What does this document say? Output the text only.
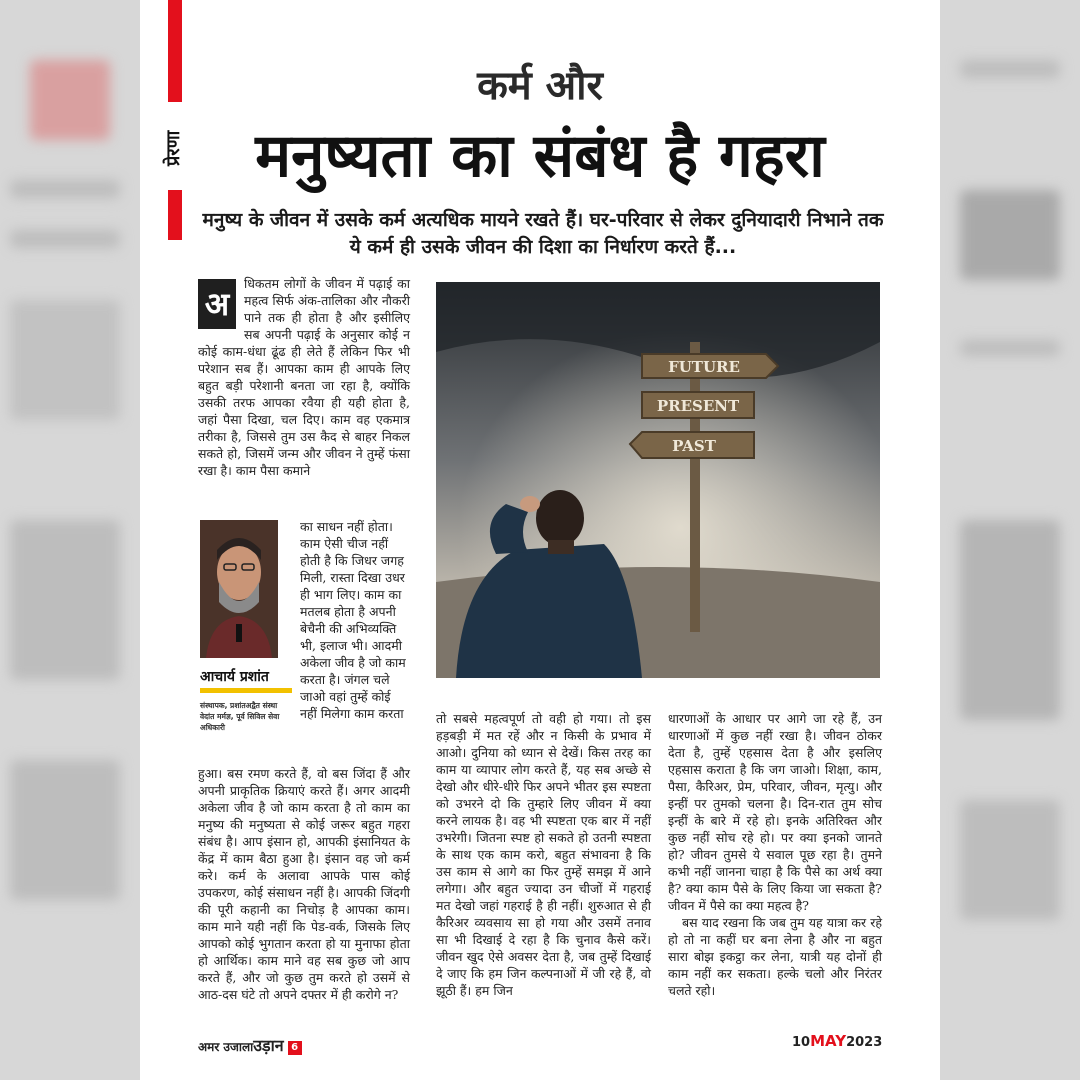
प्रेरणा
कर्म और
मनुष्यता का संबंध है गहरा
मनुष्य के जीवन में उसके कर्म अत्यधिक मायने रखते हैं। घर-परिवार से लेकर दुनियादारी निभाने तक ये कर्म ही उसके जीवन की दिशा का निर्धारण करते हैं...
अ

धिकतम लोगों के जीवन में पढ़ाई का महत्व सिर्फ अंक-तालिका और नौकरी पाने तक ही होता है और इसीलिए सब अपनी पढ़ाई के अनुसार कोई न कोई काम-धंधा ढूंढ ही लेते हैं लेकिन फिर भी परेशान सब हैं। आपका काम ही आपके लिए बहुत बड़ी परेशानी बनता जा रहा है, क्योंकि उसकी तरफ आपका रवैया ही यही होता है, जहां पैसा दिखा, चल दिए। काम वह एकमात्र तरीका है, जिससे तुम उस कैद से बाहर निकल सकते हो, जिसमें जन्म और जीवन ने तुम्हें फंसा रखा है। काम पैसा कमाने

का साधन नहीं होता। काम ऐसी चीज नहीं होती है कि जिधर जगह मिली, रास्ता दिखा उधर ही भाग लिए। काम का मतलब होता है अपनी बेचैनी की अभिव्यक्ति भी, इलाज भी। आदमी अकेला जीव है जो काम करता है। जंगल चले जाओ वहां तुम्हें कोई नहीं मिलेगा काम करता

आचार्य प्रशांत
संस्थापक, प्रशांतअद्वैत संस्था वेदांत मर्मज्ञ, पूर्व सिविल सेवा अधिकारी

हुआ। बस रमण करते हैं, वो बस जिंदा हैं और अपनी प्राकृतिक क्रियाएं करते हैं। अगर आदमी अकेला जीव है जो काम करता है तो काम का मनुष्य की मनुष्यता से कोई जरूर बहुत गहरा संबंध है। आप इंसान हो, आपकी इंसानियत के केंद्र में काम बैठा हुआ है। इंसान वह जो कर्म करे। कर्म के अलावा आपके पास कोई उपकरण, कोई संसाधन नहीं है। आपकी जिंदगी की पूरी कहानी का निचोड़ है आपका काम। काम माने यही नहीं कि पेड-वर्क, जिसके लिए आपको कोई भुगतान करता हो या मुनाफा होता हो आर्थिक। काम माने वह सब कुछ जो आप करते हैं, और जो कुछ तुम करते हो उसमें से आठ-दस घंटे तो अपने दफ्तर में ही करोगे न?

FUTURE
PRESENT
PAST

तो सबसे महत्वपूर्ण तो वही हो गया। तो इस हड़बड़ी में मत रहें और न किसी के प्रभाव में आओ। दुनिया को ध्यान से देखें। किस तरह का काम या व्यापार लोग करते हैं, यह सब अच्छे से देखो और धीरे-धीरे फिर अपने भीतर इस स्पष्टता को उभरने दो कि तुम्हारे लिए जीवन में क्या करने लायक है। वह भी स्पष्टता एक बार में नहीं उभरेगी। जितना स्पष्ट हो सकते हो उतनी स्पष्टता के साथ एक काम करो, बहुत संभावना है कि उस काम से आगे का फिर तुम्हें समझ में आने लगेगा। और बहुत ज्यादा उन चीजों में गहराई मत देखो जहां गहराई है ही नहीं। शुरुआत से ही कैरिअर व्यवसाय सा हो गया और उसमें तनाव सा भी दिखाई दे रहा है कि चुनाव कैसे करें। जीवन खुद ऐसे अवसर देता है, जब तुम्हें दिखाई दे जाए कि हम जिन कल्पनाओं में जी रहे हैं, वो झूठी हैं। हम जिन

धारणाओं के आधार पर आगे जा रहे हैं, उन धारणाओं में कुछ नहीं रखा है। जीवन ठोकर देता है, तुम्हें एहसास देता है और इसलिए एहसास कराता है कि जग जाओ। शिक्षा, काम, पैसा, कैरिअर, प्रेम, परिवार, जीवन, मृत्यु। और इन्हीं पर तुमको चलना है। दिन-रात तुम सोच इन्हीं के बारे में रहे हो। इनके अतिरिक्त और कुछ नहीं सोच रहे हो। पर क्या इनको जानते हो? जीवन तुमसे ये सवाल पूछ रहा है। तुमने कभी नहीं जानना चाहा है कि पैसे का अर्थ क्या है? क्या काम पैसे के लिए किया जा सकता है? जीवन में पैसे का क्या महत्व है?

बस याद रखना कि जब तुम यह यात्रा कर रहे हो तो ना कहीं घर बना लेना है और ना बहुत सारा बोझ इकट्ठा कर लेना, यात्री यह दोनों ही काम नहीं कर सकता। हल्के चलो और निरंतर चलते रहो।

अमर उजालाउड़ान 6	10MAY2023
